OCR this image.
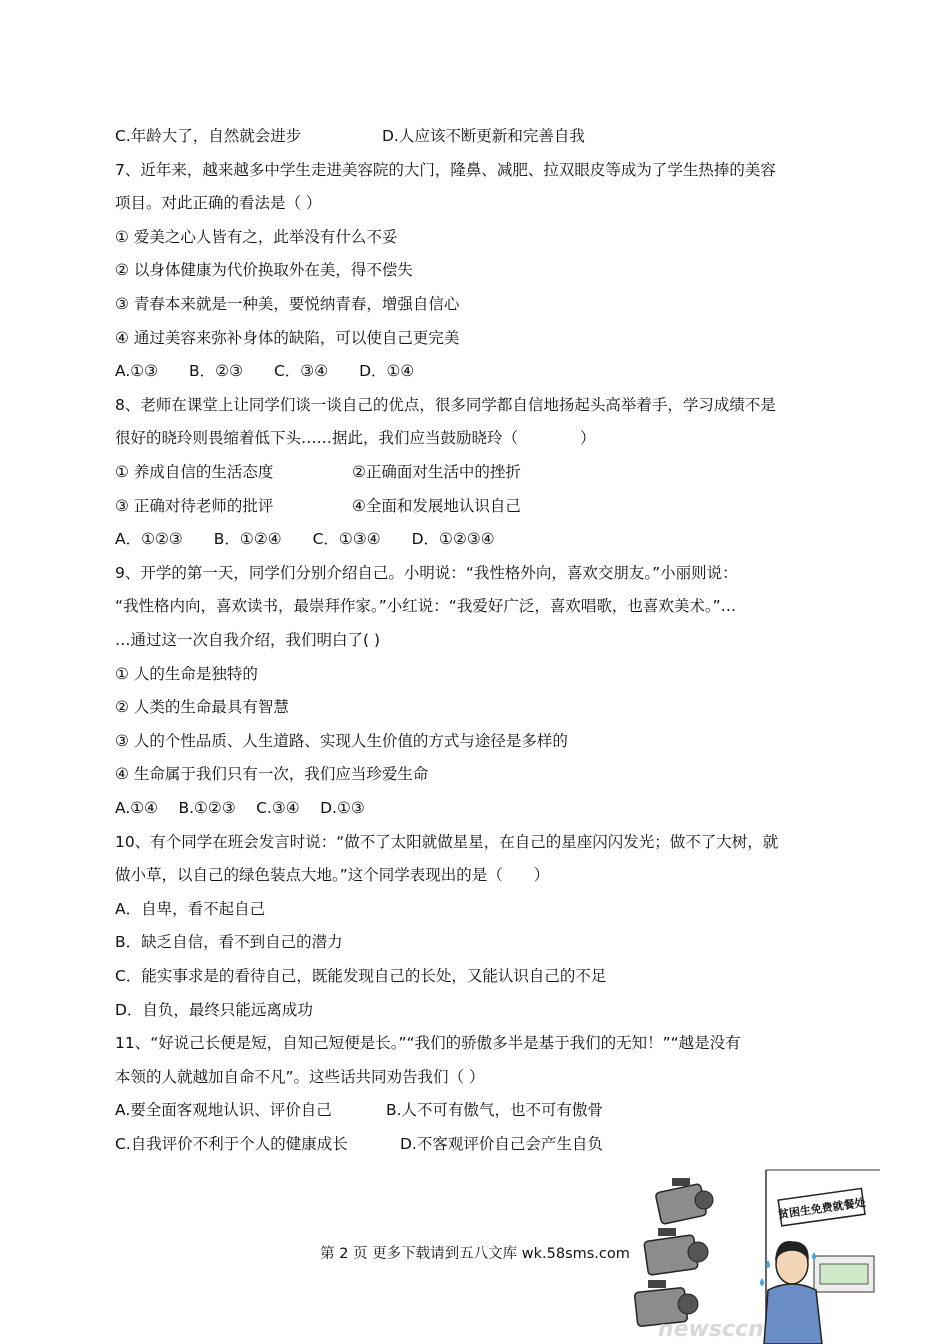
C.年龄大了，自然就会进步	D.人应该不断更新和完善自我
7、近年来，越来越多中学生走进美容院的大门，隆鼻、减肥、拉双眼皮等成为了学生热捧的美容
项目。对此正确的看法是（ ）
① 爱美之心人皆有之，此举没有什么不妥
② 以身体健康为代价换取外在美，得不偿失
③ 青春本来就是一种美，要悦纳青春，增强自信心
④ 通过美容来弥补身体的缺陷，可以使自己更完美
A.①③　　B．②③　　C．③④　　D．①④
8、老师在课堂上让同学们谈一谈自己的优点，很多同学都自信地扬起头高举着手，学习成绩不是
很好的晓玲则畏缩着低下头……据此，我们应当鼓励晓玲（　　　　）
① 养成自信的生活态度	②正确面对生活中的挫折
③ 正确对待老师的批评	④全面和发展地认识自己
A．①②③　　B．①②④　　C．①③④　　D．①②③④
9、开学的第一天，同学们分别介绍自己。小明说：“我性格外向，喜欢交朋友。”小丽则说：
“我性格内向，喜欢读书，最崇拜作家。”小红说：“我爱好广泛，喜欢唱歌，也喜欢美术。”…
…通过这一次自我介绍，我们明白了( )
① 人的生命是独特的
② 人类的生命最具有智慧
③ 人的个性品质、人生道路、实现人生价值的方式与途径是多样的
④ 生命属于我们只有一次，我们应当珍爱生命
A.①④　 B.①②③　 C.③④　 D.①③
10、有个同学在班会发言时说：“做不了太阳就做星星，在自己的星座闪闪发光；做不了大树，就
做小草，以自己的绿色装点大地。”这个同学表现出的是（　　）
A．自卑，看不起自己
B．缺乏自信，看不到自己的潜力
C．能实事求是的看待自己，既能发现自己的长处，又能认识自己的不足
D．自负，最终只能远离成功
11、“好说己长便是短，自知己短便是长。”“我们的骄傲多半是基于我们的无知！”“越是没有
本领的人就越加自命不凡”。这些话共同劝告我们（ ）
A.要全面客观地认识、评价自己	B.人不可有傲气，也不可有傲骨
C.自我评价不利于个人的健康成长	D.不客观评价自己会产生自负
第 2 页 更多下载请到五八文库 wk.58sms.com
贫困生免费就餐处
newsccn
